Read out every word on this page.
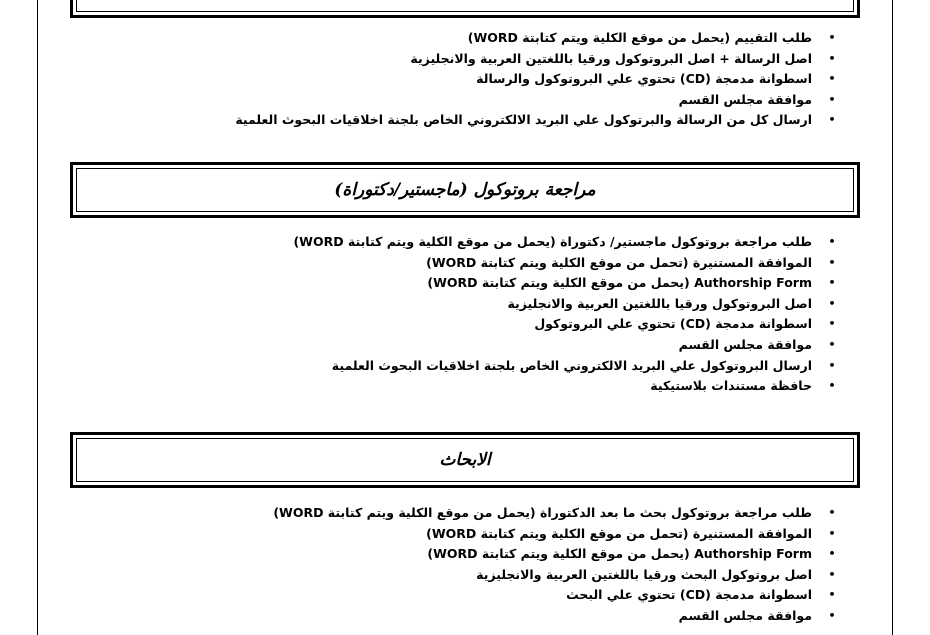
•
طلب التقييم (يحمل من موقع الكلية ويتم كتابتة WORD)
•
اصل الرسالة + اصل البروتوكول ورقيا باللغتين العربية والانجليزية
•
اسطوانة مدمجة (CD) تحتوي علي البروتوكول والرسالة
•
موافقة مجلس القسم
•
ارسال كل من الرسالة والبرتوكول علي البريد الالكتروني الخاص بلجنة اخلاقيات البحوث العلمية
مراجعة بروتوكول (ماجستير/دكتوراة)
•
طلب مراجعة بروتوكول ماجستير/ دكتوراة (يحمل من موقع الكلية ويتم كتابتة WORD)
•
الموافقة المستنيرة (تحمل من موقع الكلية ويتم كتابتة WORD)
•
Authorship Form (يحمل من موقع الكلية ويتم كتابتة WORD)
•
اصل البروتوكول ورقيا باللغتين العربية والانجليزية
•
اسطوانة مدمجة (CD) تحتوي علي البروتوكول
•
موافقة مجلس القسم
•
ارسال البروتوكول علي البريد الالكتروني الخاص بلجنة اخلاقيات البحوث العلمية
•
حافظة مستندات بلاستيكية
الابحاث
•
طلب مراجعة بروتوكول بحث ما بعد الدكتوراة (يحمل من موقع الكلية ويتم كتابتة WORD)
•
الموافقة المستنيرة (تحمل من موقع الكلية ويتم كتابتة WORD)
•
Authorship Form (يحمل من موقع الكلية ويتم كتابتة WORD)
•
اصل بروتوكول البحث ورقيا باللغتين العربية والانجليزية
•
اسطوانة مدمجة (CD) تحتوي علي البحث
•
موافقة مجلس القسم
